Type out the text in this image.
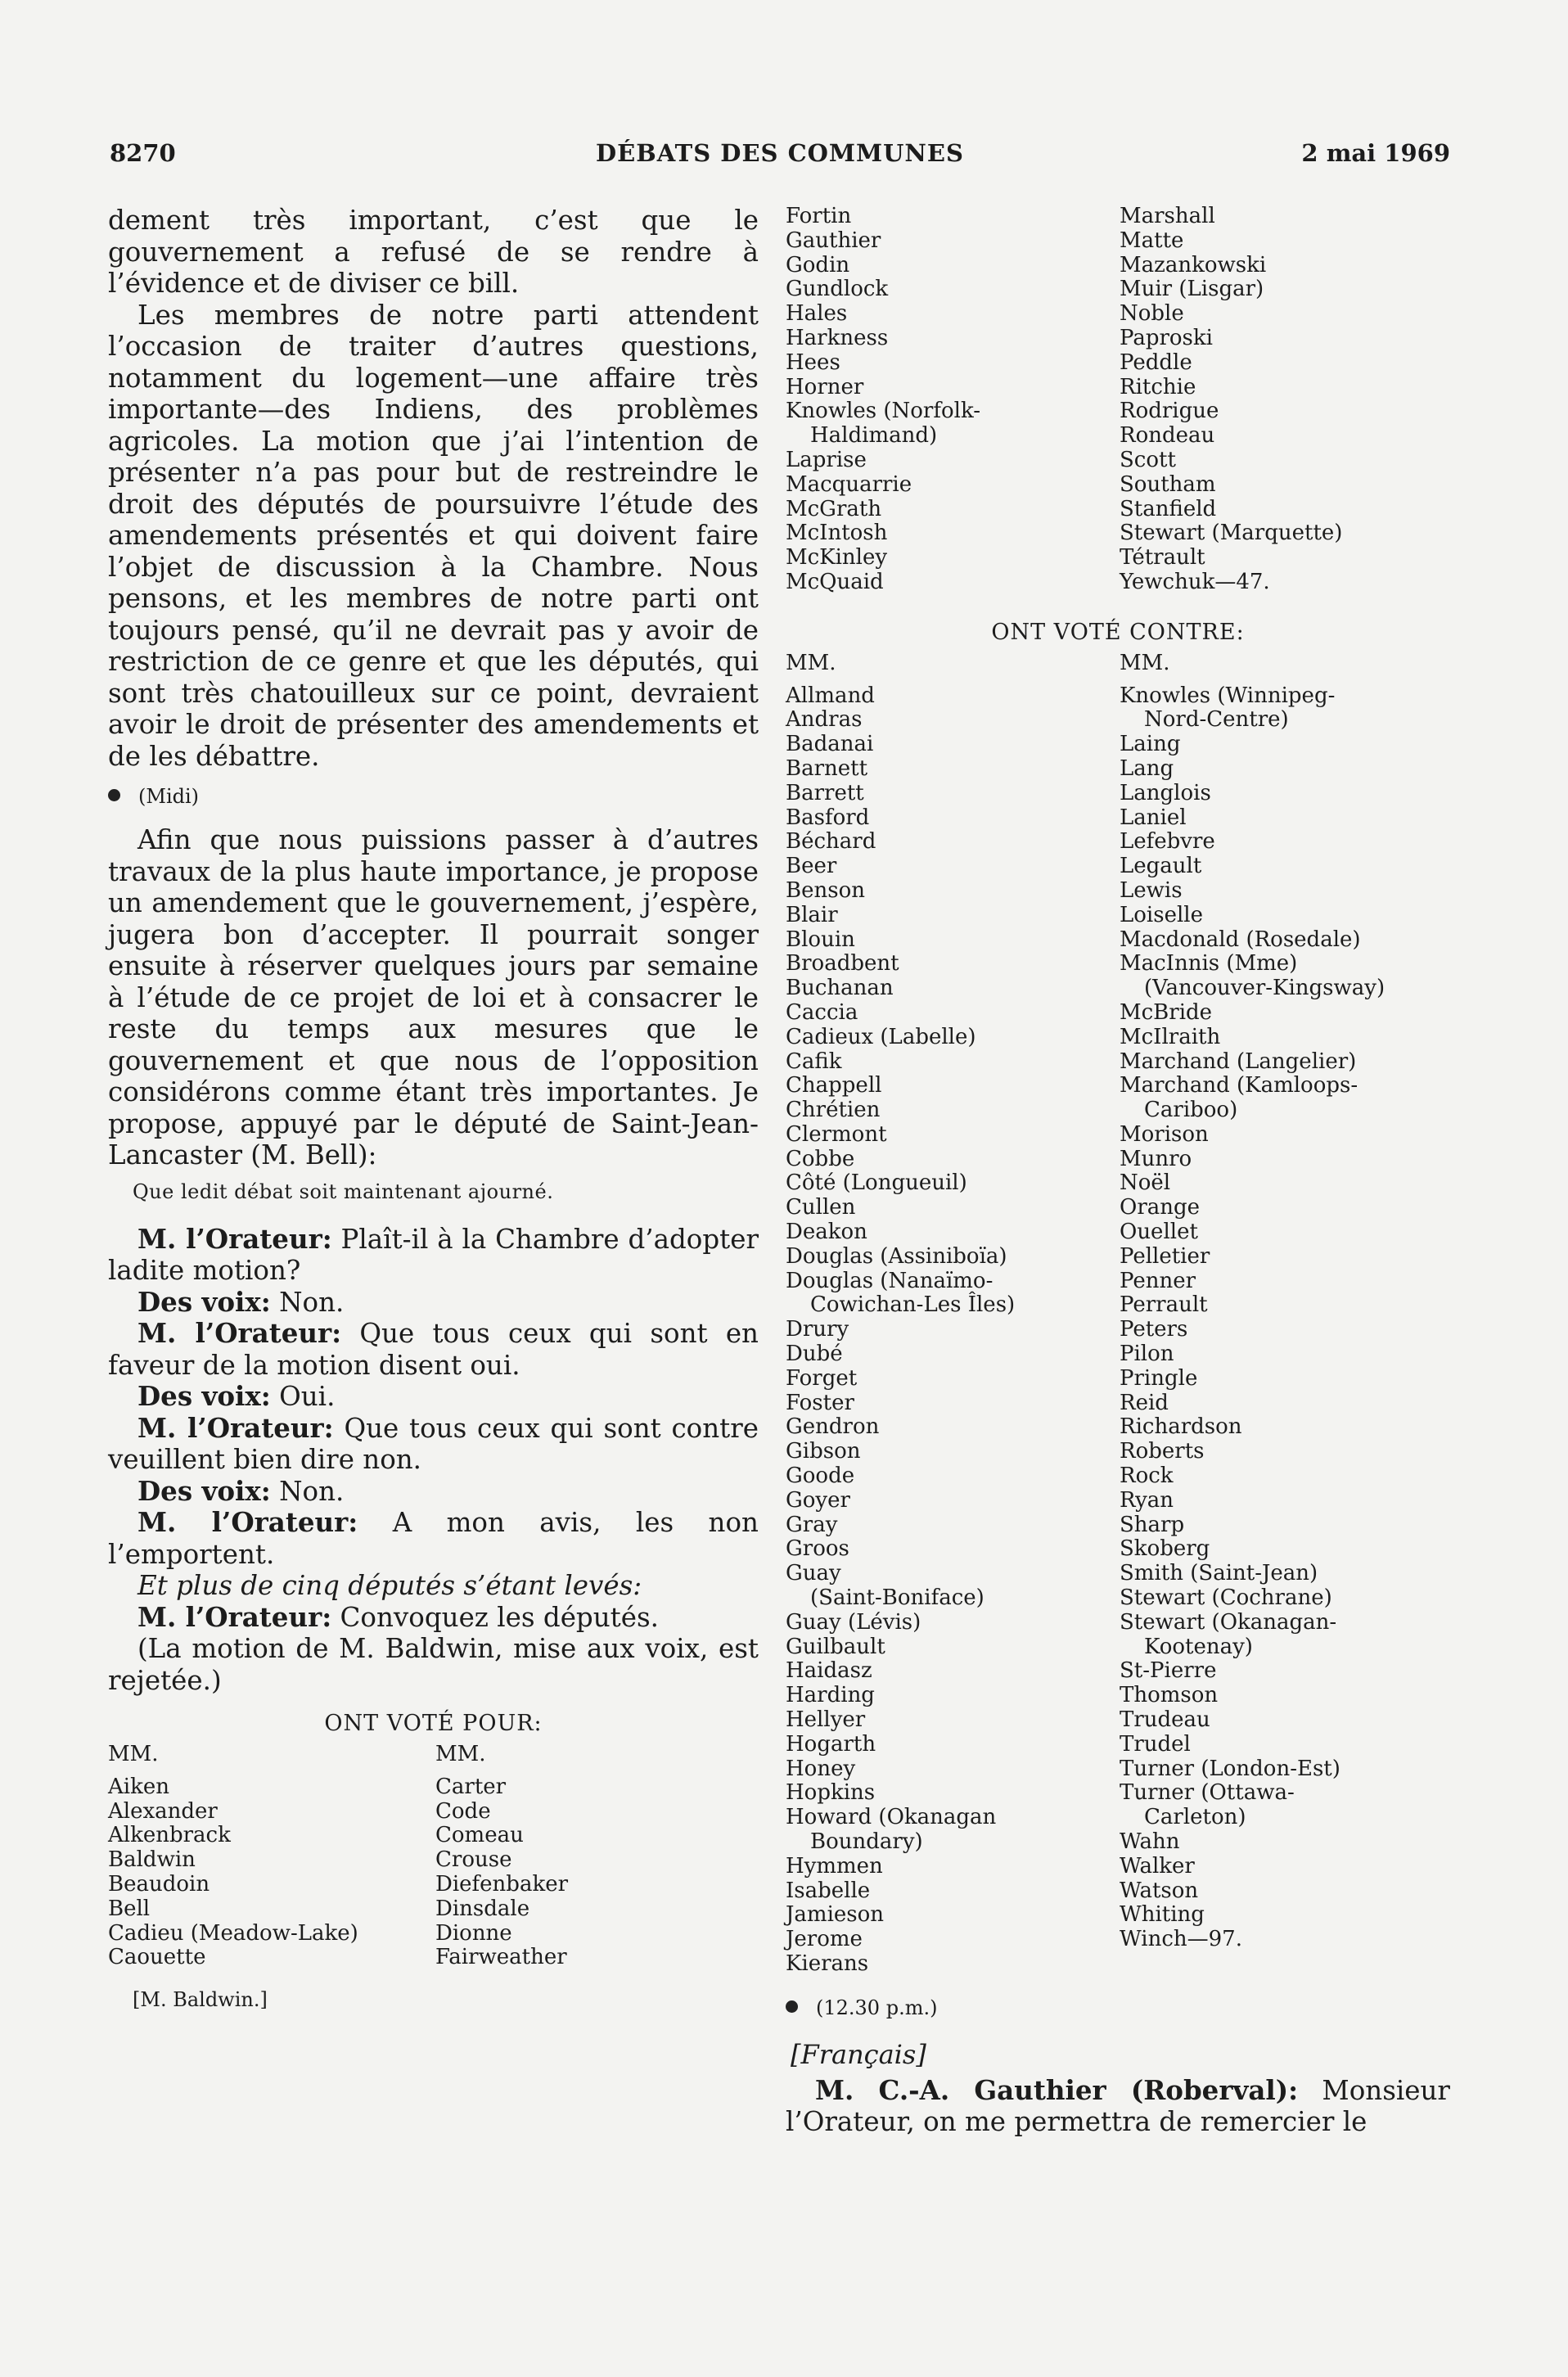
8270	DÉBATS DES COMMUNES	2 mai 1969

dement très important, c’est que le gouvernement a refusé de se rendre à l’évidence et de diviser ce bill.

Les membres de notre parti attendent l’occasion de traiter d’autres questions, notamment du logement—une affaire très importante—des Indiens, des problèmes agricoles. La motion que j’ai l’intention de présenter n’a pas pour but de restreindre le droit des députés de poursuivre l’étude des amendements présentés et qui doivent faire l’objet de discussion à la Chambre. Nous pensons, et les membres de notre parti ont toujours pensé, qu’il ne devrait pas y avoir de restriction de ce genre et que les députés, qui sont très chatouilleux sur ce point, devraient avoir le droit de présenter des amendements et de les débattre.

(Midi)

Afin que nous puissions passer à d’autres travaux de la plus haute importance, je propose un amendement que le gouvernement, j’espère, jugera bon d’accepter. Il pourrait songer ensuite à réserver quelques jours par semaine à l’étude de ce projet de loi et à consacrer le reste du temps aux mesures que le gouvernement et que nous de l’opposition considérons comme étant très importantes. Je propose, appuyé par le député de Saint-Jean-Lancaster (M. Bell):

Que ledit débat soit maintenant ajourné.

M. l’Orateur: Plaît-il à la Chambre d’adopter ladite motion?

Des voix: Non.

M. l’Orateur: Que tous ceux qui sont en faveur de la motion disent oui.

Des voix: Oui.

M. l’Orateur: Que tous ceux qui sont contre veuillent bien dire non.

Des voix: Non.

M. l’Orateur: A mon avis, les non l’emportent.

Et plus de cinq députés s’étant levés:

M. l’Orateur: Convoquez les députés.

(La motion de M. Baldwin, mise aux voix, est rejetée.)

ONT VOTÉ POUR:
MM.
Aiken
Alexander
Alkenbrack
Baldwin
Beaudoin
Bell
Cadieu (Meadow-Lake)
Caouette
MM.
Carter
Code
Comeau
Crouse
Diefenbaker
Dinsdale
Dionne
Fairweather
[M. Baldwin.]
Fortin
Gauthier
Godin
Gundlock
Hales
Harkness
Hees
Horner
Knowles (Norfolk-
Haldimand)
Laprise
Macquarrie
McGrath
McIntosh
McKinley
McQuaid
Marshall
Matte
Mazankowski
Muir (Lisgar)
Noble
Paproski
Peddle
Ritchie
Rodrigue
Rondeau
Scott
Southam
Stanfield
Stewart (Marquette)
Tétrault
Yewchuk—47.
ONT VOTÉ CONTRE:
MM.
Allmand
Andras
Badanai
Barnett
Barrett
Basford
Béchard
Beer
Benson
Blair
Blouin
Broadbent
Buchanan
Caccia
Cadieux (Labelle)
Cafik
Chappell
Chrétien
Clermont
Cobbe
Côté (Longueuil)
Cullen
Deakon
Douglas (Assiniboïa)
Douglas (Nanaïmo-
Cowichan-Les Îles)
Drury
Dubé
Forget
Foster
Gendron
Gibson
Goode
Goyer
Gray
Groos
Guay
(Saint-Boniface)
Guay (Lévis)
Guilbault
Haidasz
Harding
Hellyer
Hogarth
Honey
Hopkins
Howard (Okanagan
Boundary)
Hymmen
Isabelle
Jamieson
Jerome
Kierans
MM.
Knowles (Winnipeg-
Nord-Centre)
Laing
Lang
Langlois
Laniel
Lefebvre
Legault
Lewis
Loiselle
Macdonald (Rosedale)
MacInnis (Mme)
(Vancouver-Kingsway)
McBride
McIlraith
Marchand (Langelier)
Marchand (Kamloops-
Cariboo)
Morison
Munro
Noël
Orange
Ouellet
Pelletier
Penner
Perrault
Peters
Pilon
Pringle
Reid
Richardson
Roberts
Rock
Ryan
Sharp
Skoberg
Smith (Saint-Jean)
Stewart (Cochrane)
Stewart (Okanagan-
Kootenay)
St-Pierre
Thomson
Trudeau
Trudel
Turner (London-Est)
Turner (Ottawa-
Carleton)
Wahn
Walker
Watson
Whiting
Winch—97.
(12.30 p.m.)
[Français]

M. C.-A. Gauthier (Roberval): Monsieur l’Orateur, on me permettra de remercier le
